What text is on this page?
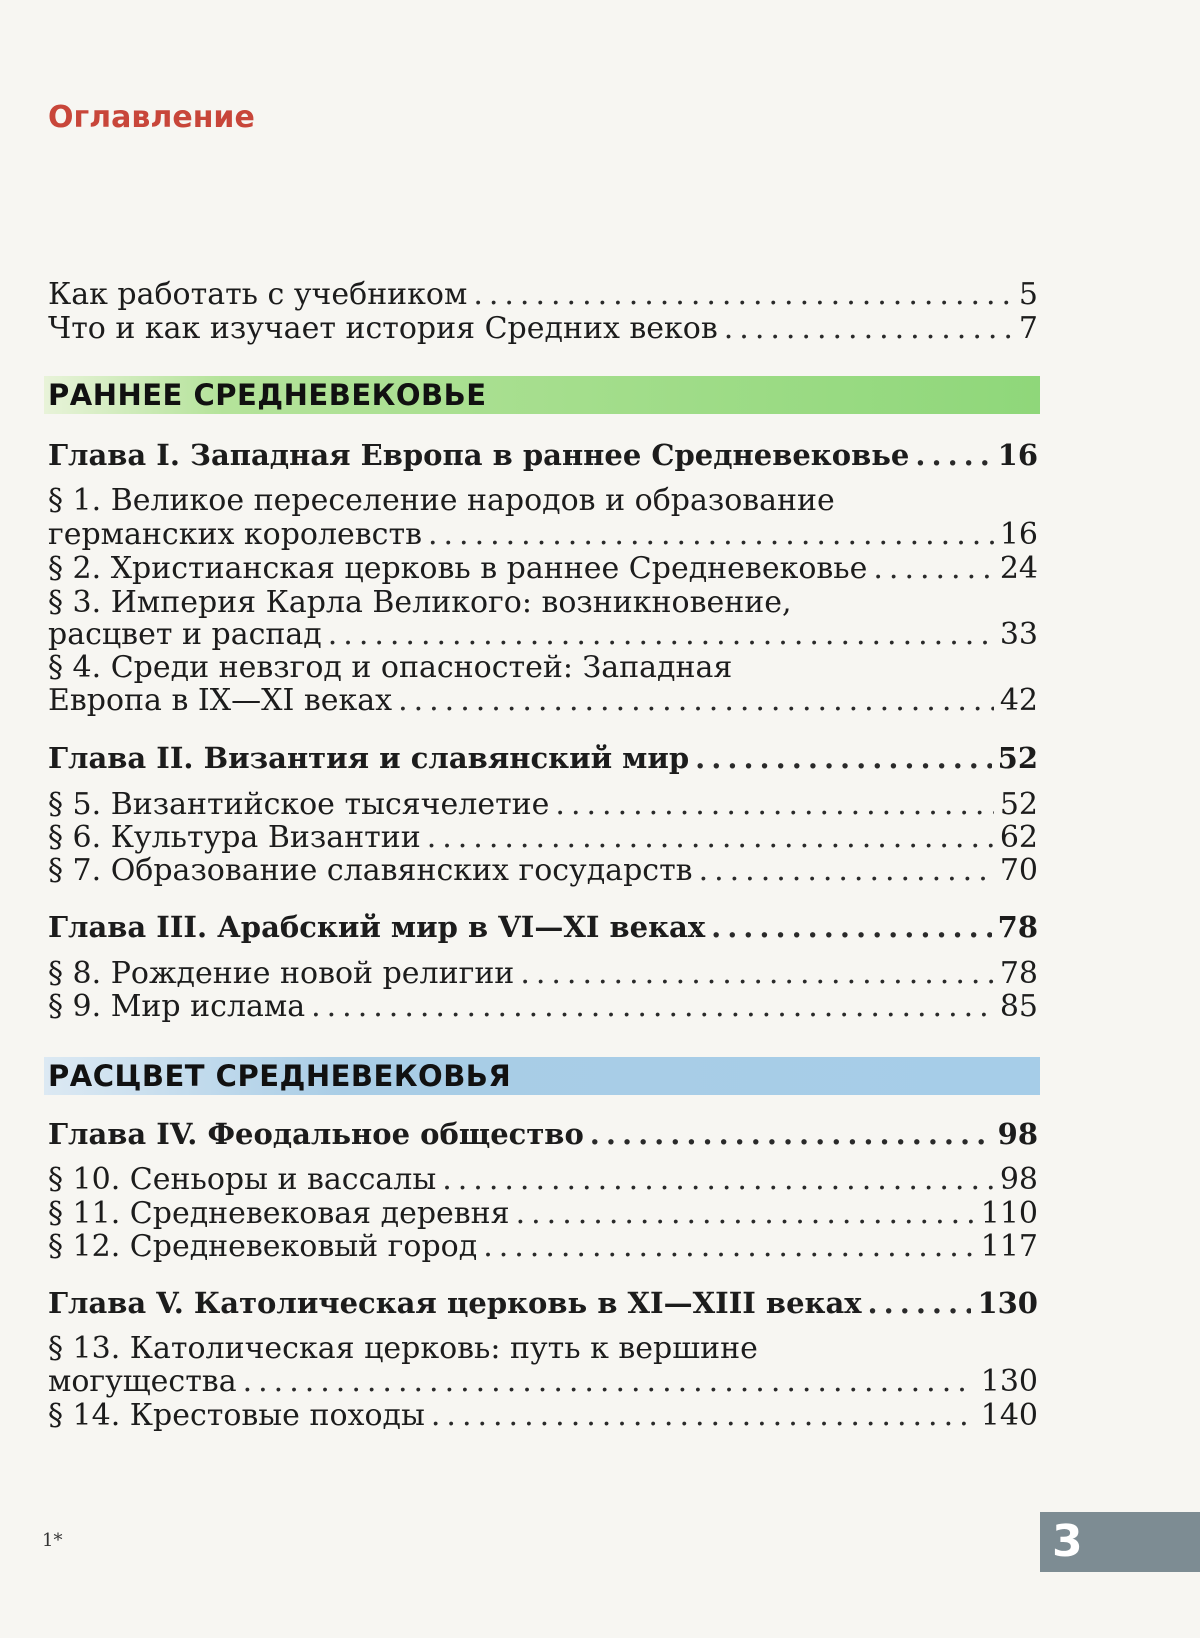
Оглавление
Как работать с учебником .....	5
Что и как изучает история Средних веков .....	7
РАННЕЕ СРЕДНЕВЕКОВЬЕ
Глава I. Западная Европа в раннее Средневековье .....	16
§ 1. Великое переселение народов и образование
германских королевств .....	16
§ 2. Христианская церковь в раннее Средневековье .....	24
§ 3. Империя Карла Великого: возникновение,
расцвет и распад .....	33
§ 4. Среди невзгод и опасностей: Западная
Европа в IX—XI веках .....	42
Глава II. Византия и славянский мир .....	52
§ 5. Византийское тысячелетие .....	52
§ 6. Культура Византии .....	62
§ 7. Образование славянских государств .....	70
Глава III. Арабский мир в VI—XI веках .....	78
§ 8. Рождение новой религии .....	78
§ 9. Мир ислама .....	85
РАСЦВЕТ СРЕДНЕВЕКОВЬЯ
Глава IV. Феодальное общество .....	98
§ 10. Сеньоры и вассалы .....	98
§ 11. Средневековая деревня .....	110
§ 12. Средневековый город .....	117
Глава V. Католическая церковь в XI—XIII веках .....	130
§ 13. Католическая церковь: путь к вершине
могущества .....	130
§ 14. Крестовые походы .....	140
1*	3
